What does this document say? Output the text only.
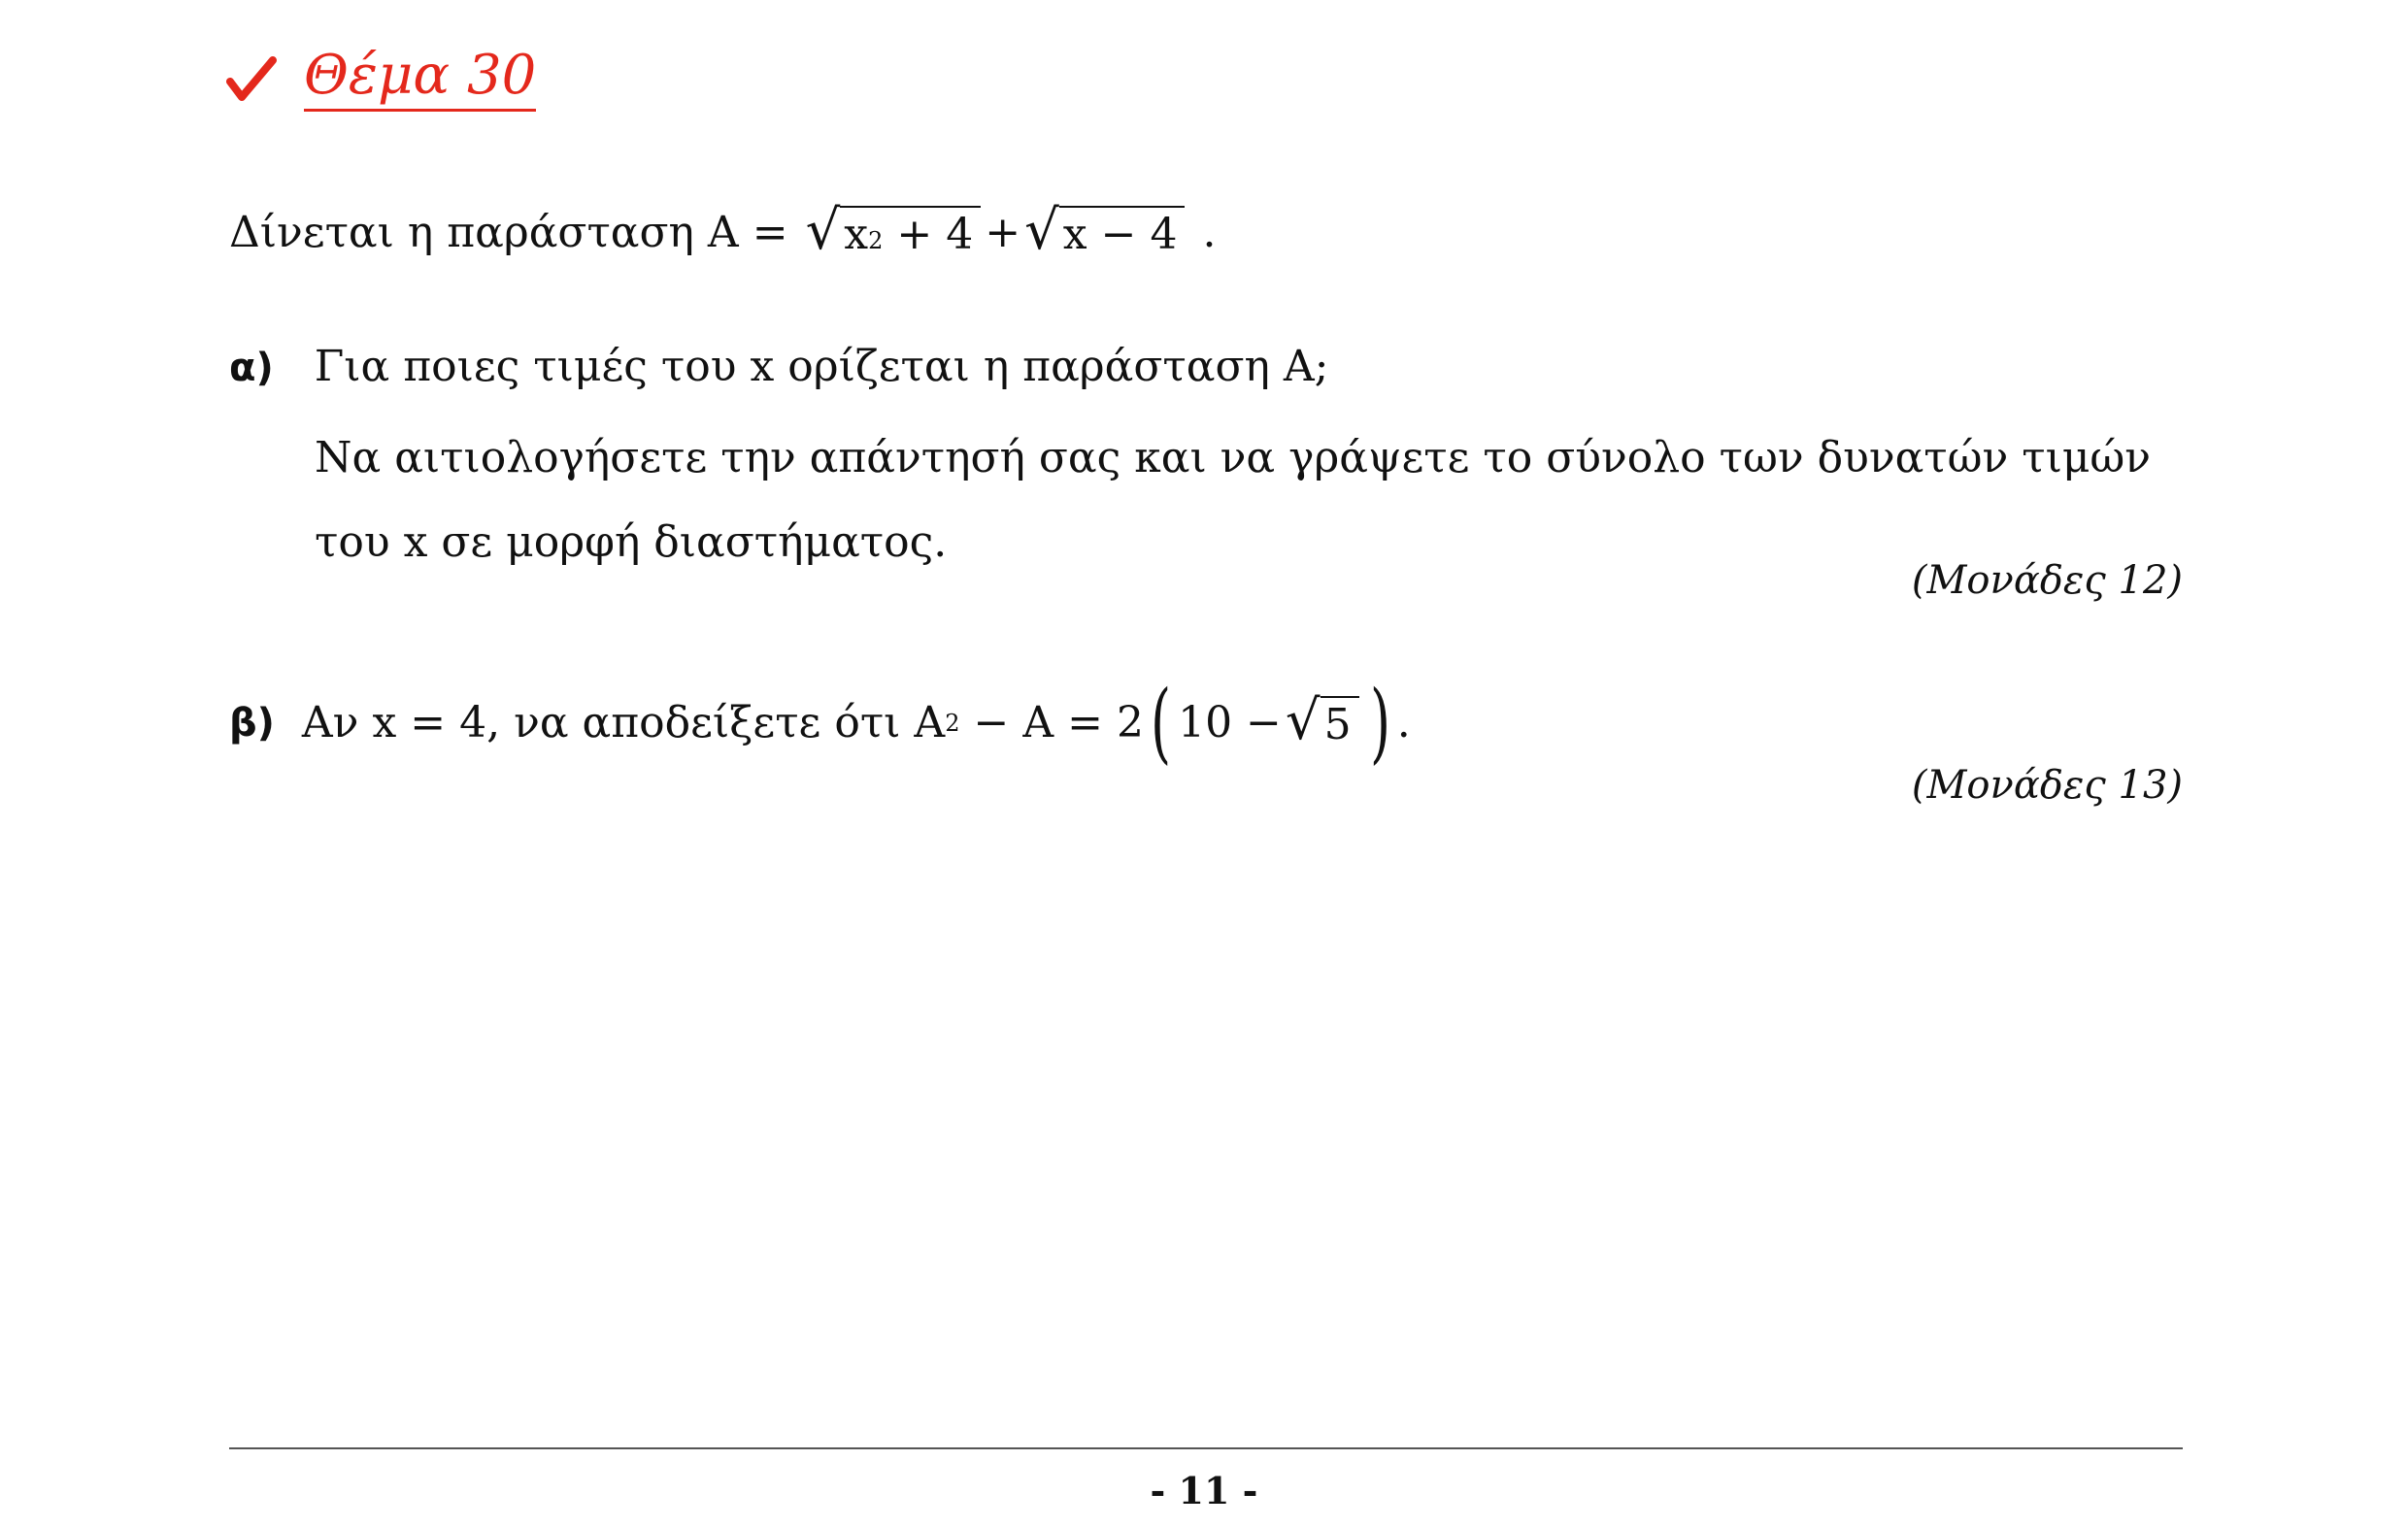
Θέμα 30
Δίνεται η παράσταση
Α
=
√ x 2
+ 4 + √ x − 4
.
α) Για ποιες τιμές του x ορίζεται η παράσταση Α;
Να αιτιολογήσετε την απάντησή σας και να γράψετε το σύνολο των δυνατών τιμών
του x σε μορφή διαστήματος.
(Μονάδες 12)
β)
Αν
x = 4 , να αποδείξετε ότι
Α 2
− Α = 2 ( 10 − √ 5 ) .
(Μονάδες 13)
- 11 -
